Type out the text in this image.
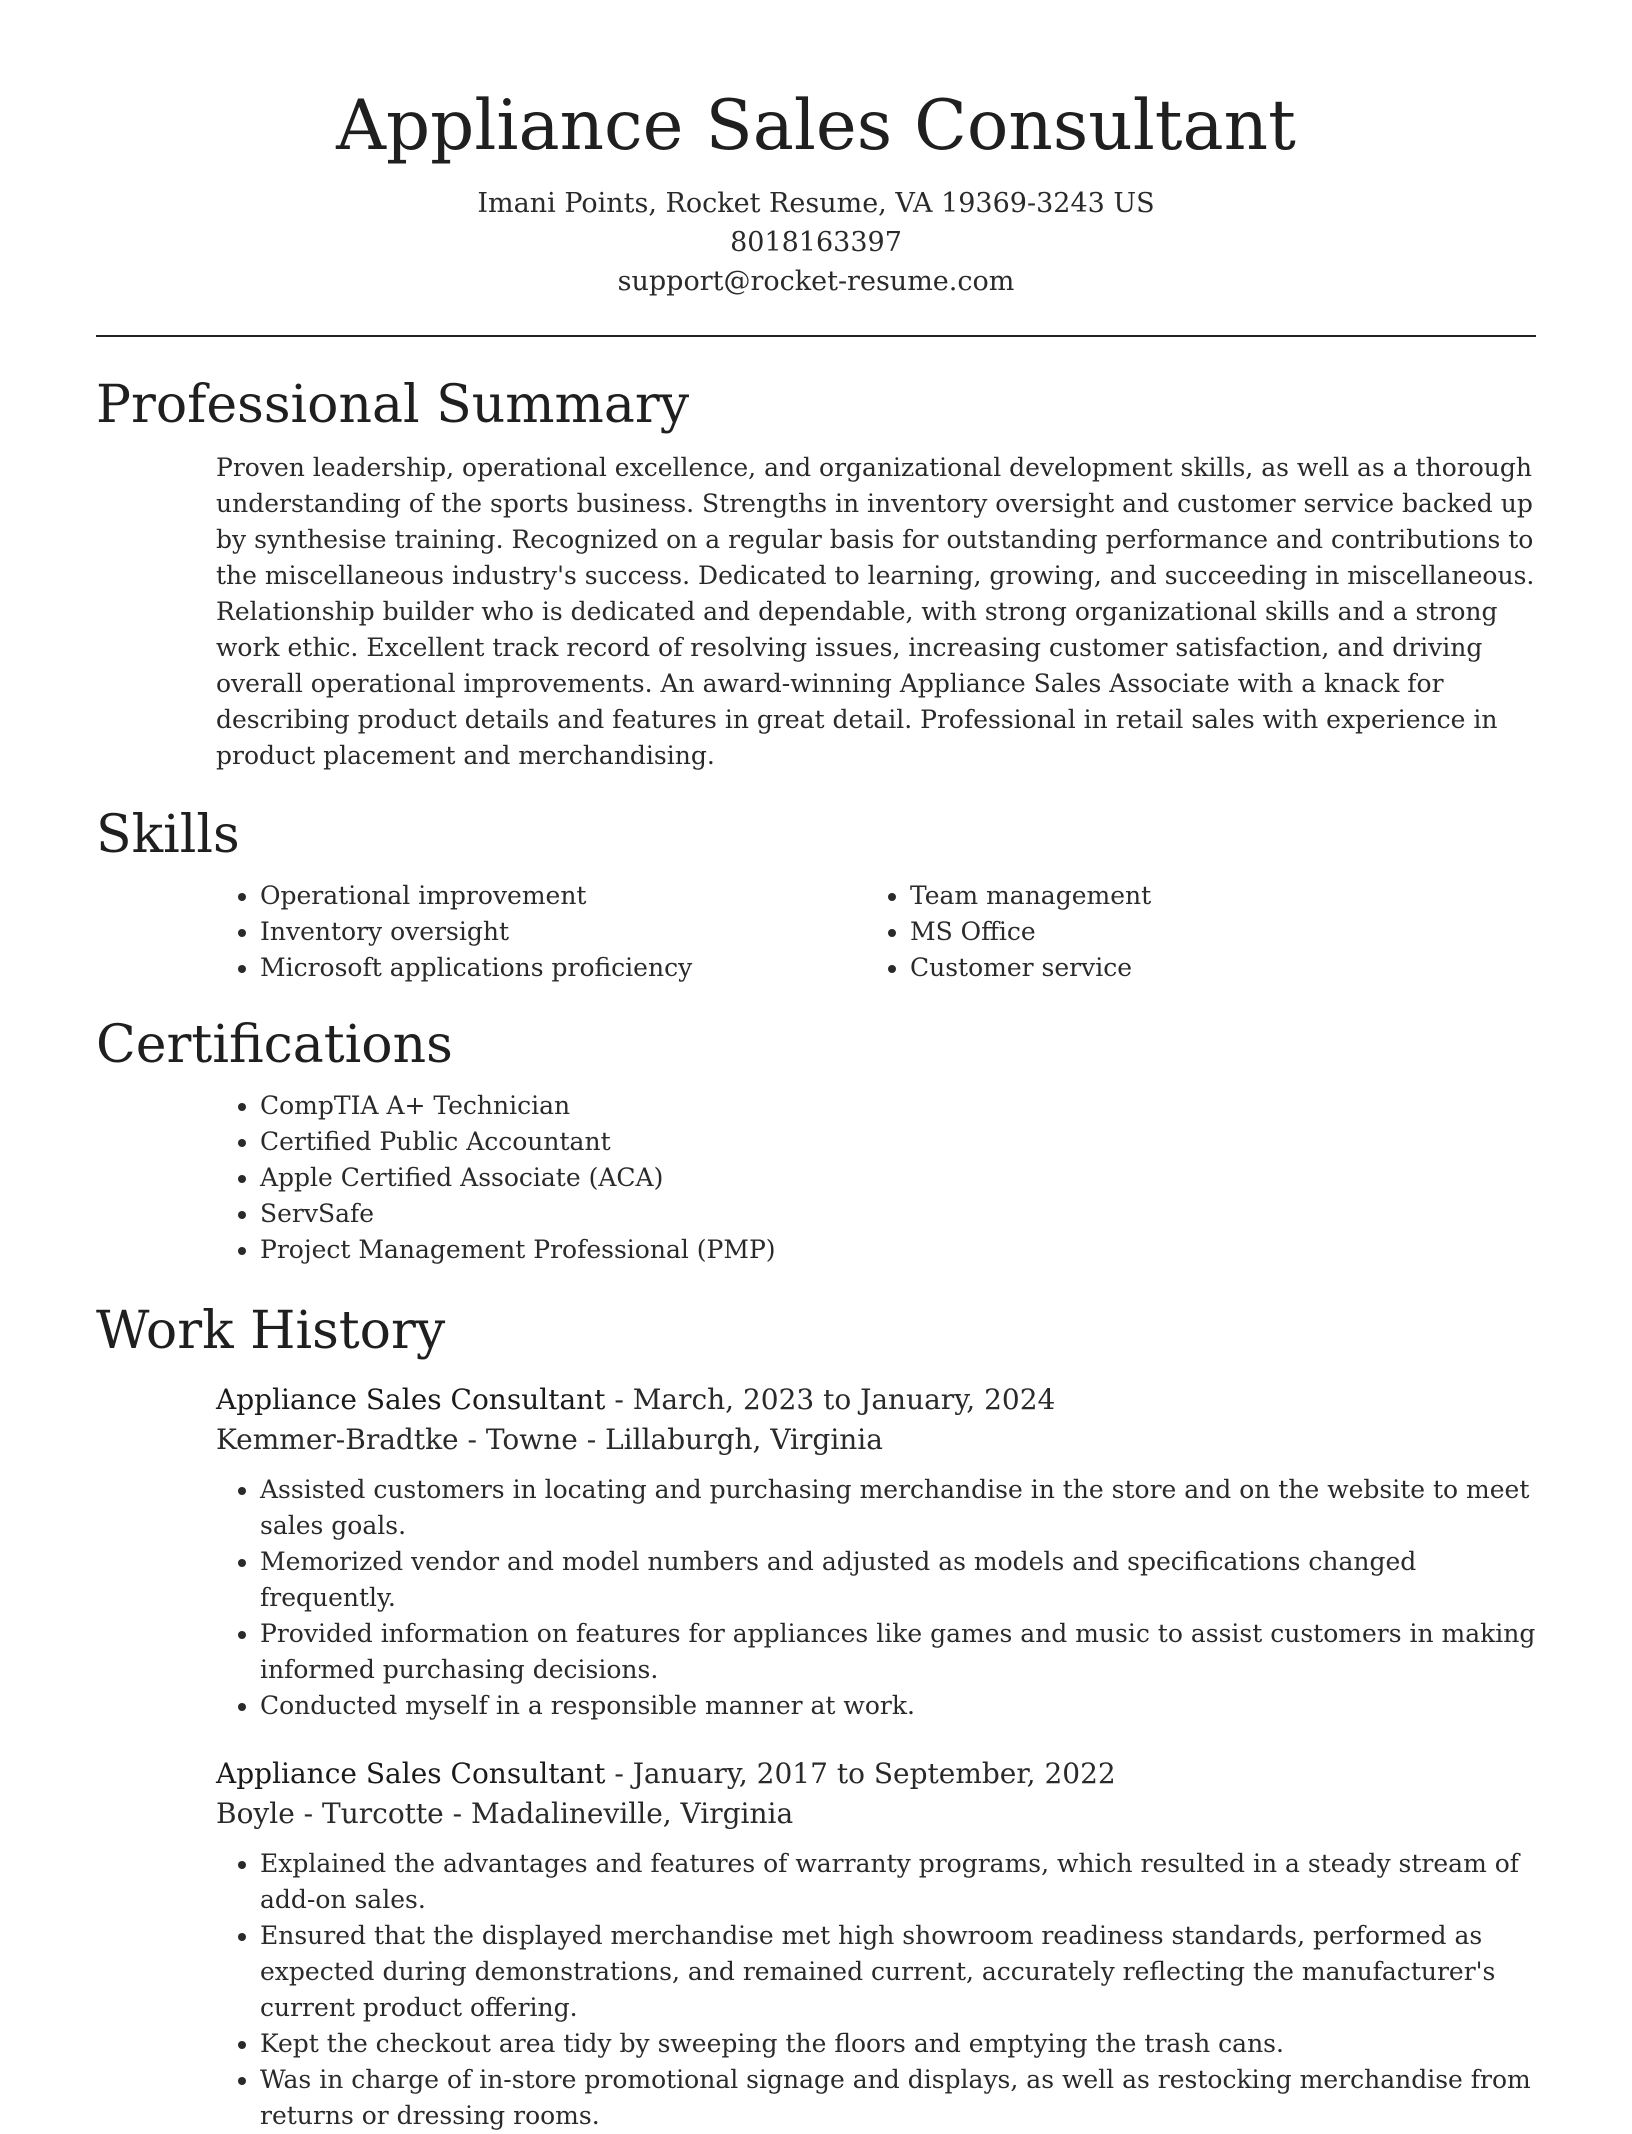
Appliance Sales Consultant
Imani Points, Rocket Resume, VA 19369-3243 US
8018163397
support@rocket-resume.com
Professional Summary

Proven leadership, operational excellence, and organizational development skills, as well as a thorough understanding of the sports business. Strengths in inventory oversight and customer service backed up by synthesise training. Recognized on a regular basis for outstanding performance and contributions to the miscellaneous industry's success. Dedicated to learning, growing, and succeeding in miscellaneous. Relationship builder who is dedicated and dependable, with strong organizational skills and a strong work ethic. Excellent track record of resolving issues, increasing customer satisfaction, and driving overall operational improvements. An award-winning Appliance Sales Associate with a knack for describing product details and features in great detail. Professional in retail sales with experience in product placement and merchandising.

Skills
• Operational improvement
• Inventory oversight
• Microsoft applications proficiency
• Team management
• MS Office
• Customer service
Certifications
• CompTIA A+ Technician
• Certified Public Accountant
• Apple Certified Associate (ACA)
• ServSafe
• Project Management Professional (PMP)
Work History
Appliance Sales Consultant - March, 2023 to January, 2024
Kemmer-Bradtke - Towne - Lillaburgh, Virginia
• Assisted customers in locating and purchasing merchandise in the store and on the website to meet sales goals.
• Memorized vendor and model numbers and adjusted as models and specifications changed frequently.
• Provided information on features for appliances like games and music to assist customers in making informed purchasing decisions.
• Conducted myself in a responsible manner at work.
Appliance Sales Consultant - January, 2017 to September, 2022
Boyle - Turcotte - Madalineville, Virginia
• Explained the advantages and features of warranty programs, which resulted in a steady stream of add-on sales.
• Ensured that the displayed merchandise met high showroom readiness standards, performed as expected during demonstrations, and remained current, accurately reflecting the manufacturer's current product offering.
• Kept the checkout area tidy by sweeping the floors and emptying the trash cans.
• Was in charge of in-store promotional signage and displays, as well as restocking merchandise from returns or dressing rooms.
